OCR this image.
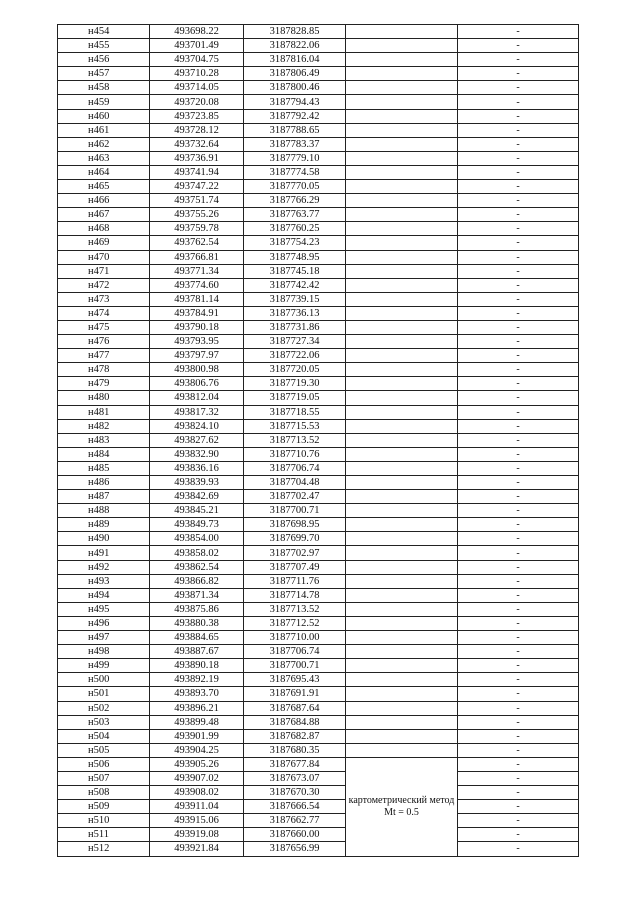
н454	493698.22	3187828.85		-
н455	493701.49	3187822.06		-
н456	493704.75	3187816.04		-
н457	493710.28	3187806.49		-
н458	493714.05	3187800.46		-
н459	493720.08	3187794.43		-
н460	493723.85	3187792.42		-
н461	493728.12	3187788.65		-
н462	493732.64	3187783.37		-
н463	493736.91	3187779.10		-
н464	493741.94	3187774.58		-
н465	493747.22	3187770.05		-
н466	493751.74	3187766.29		-
н467	493755.26	3187763.77		-
н468	493759.78	3187760.25		-
н469	493762.54	3187754.23		-
н470	493766.81	3187748.95		-
н471	493771.34	3187745.18		-
н472	493774.60	3187742.42		-
н473	493781.14	3187739.15		-
н474	493784.91	3187736.13		-
н475	493790.18	3187731.86		-
н476	493793.95	3187727.34		-
н477	493797.97	3187722.06		-
н478	493800.98	3187720.05		-
н479	493806.76	3187719.30		-
н480	493812.04	3187719.05		-
н481	493817.32	3187718.55		-
н482	493824.10	3187715.53		-
н483	493827.62	3187713.52		-
н484	493832.90	3187710.76		-
н485	493836.16	3187706.74		-
н486	493839.93	3187704.48		-
н487	493842.69	3187702.47		-
н488	493845.21	3187700.71		-
н489	493849.73	3187698.95		-
н490	493854.00	3187699.70		-
н491	493858.02	3187702.97		-
н492	493862.54	3187707.49		-
н493	493866.82	3187711.76		-
н494	493871.34	3187714.78		-
н495	493875.86	3187713.52		-
н496	493880.38	3187712.52		-
н497	493884.65	3187710.00		-
н498	493887.67	3187706.74		-
н499	493890.18	3187700.71		-
н500	493892.19	3187695.43		-
н501	493893.70	3187691.91		-
н502	493896.21	3187687.64		-
н503	493899.48	3187684.88		-
н504	493901.99	3187682.87		-
н505	493904.25	3187680.35		-
н506	493905.26	3187677.84	картометрический метод Mt = 0.5	-
н507	493907.02	3187673.07		-
н508	493908.02	3187670.30		-
н509	493911.04	3187666.54		-
н510	493915.06	3187662.77		-
н511	493919.08	3187660.00		-
н512	493921.84	3187656.99		-
